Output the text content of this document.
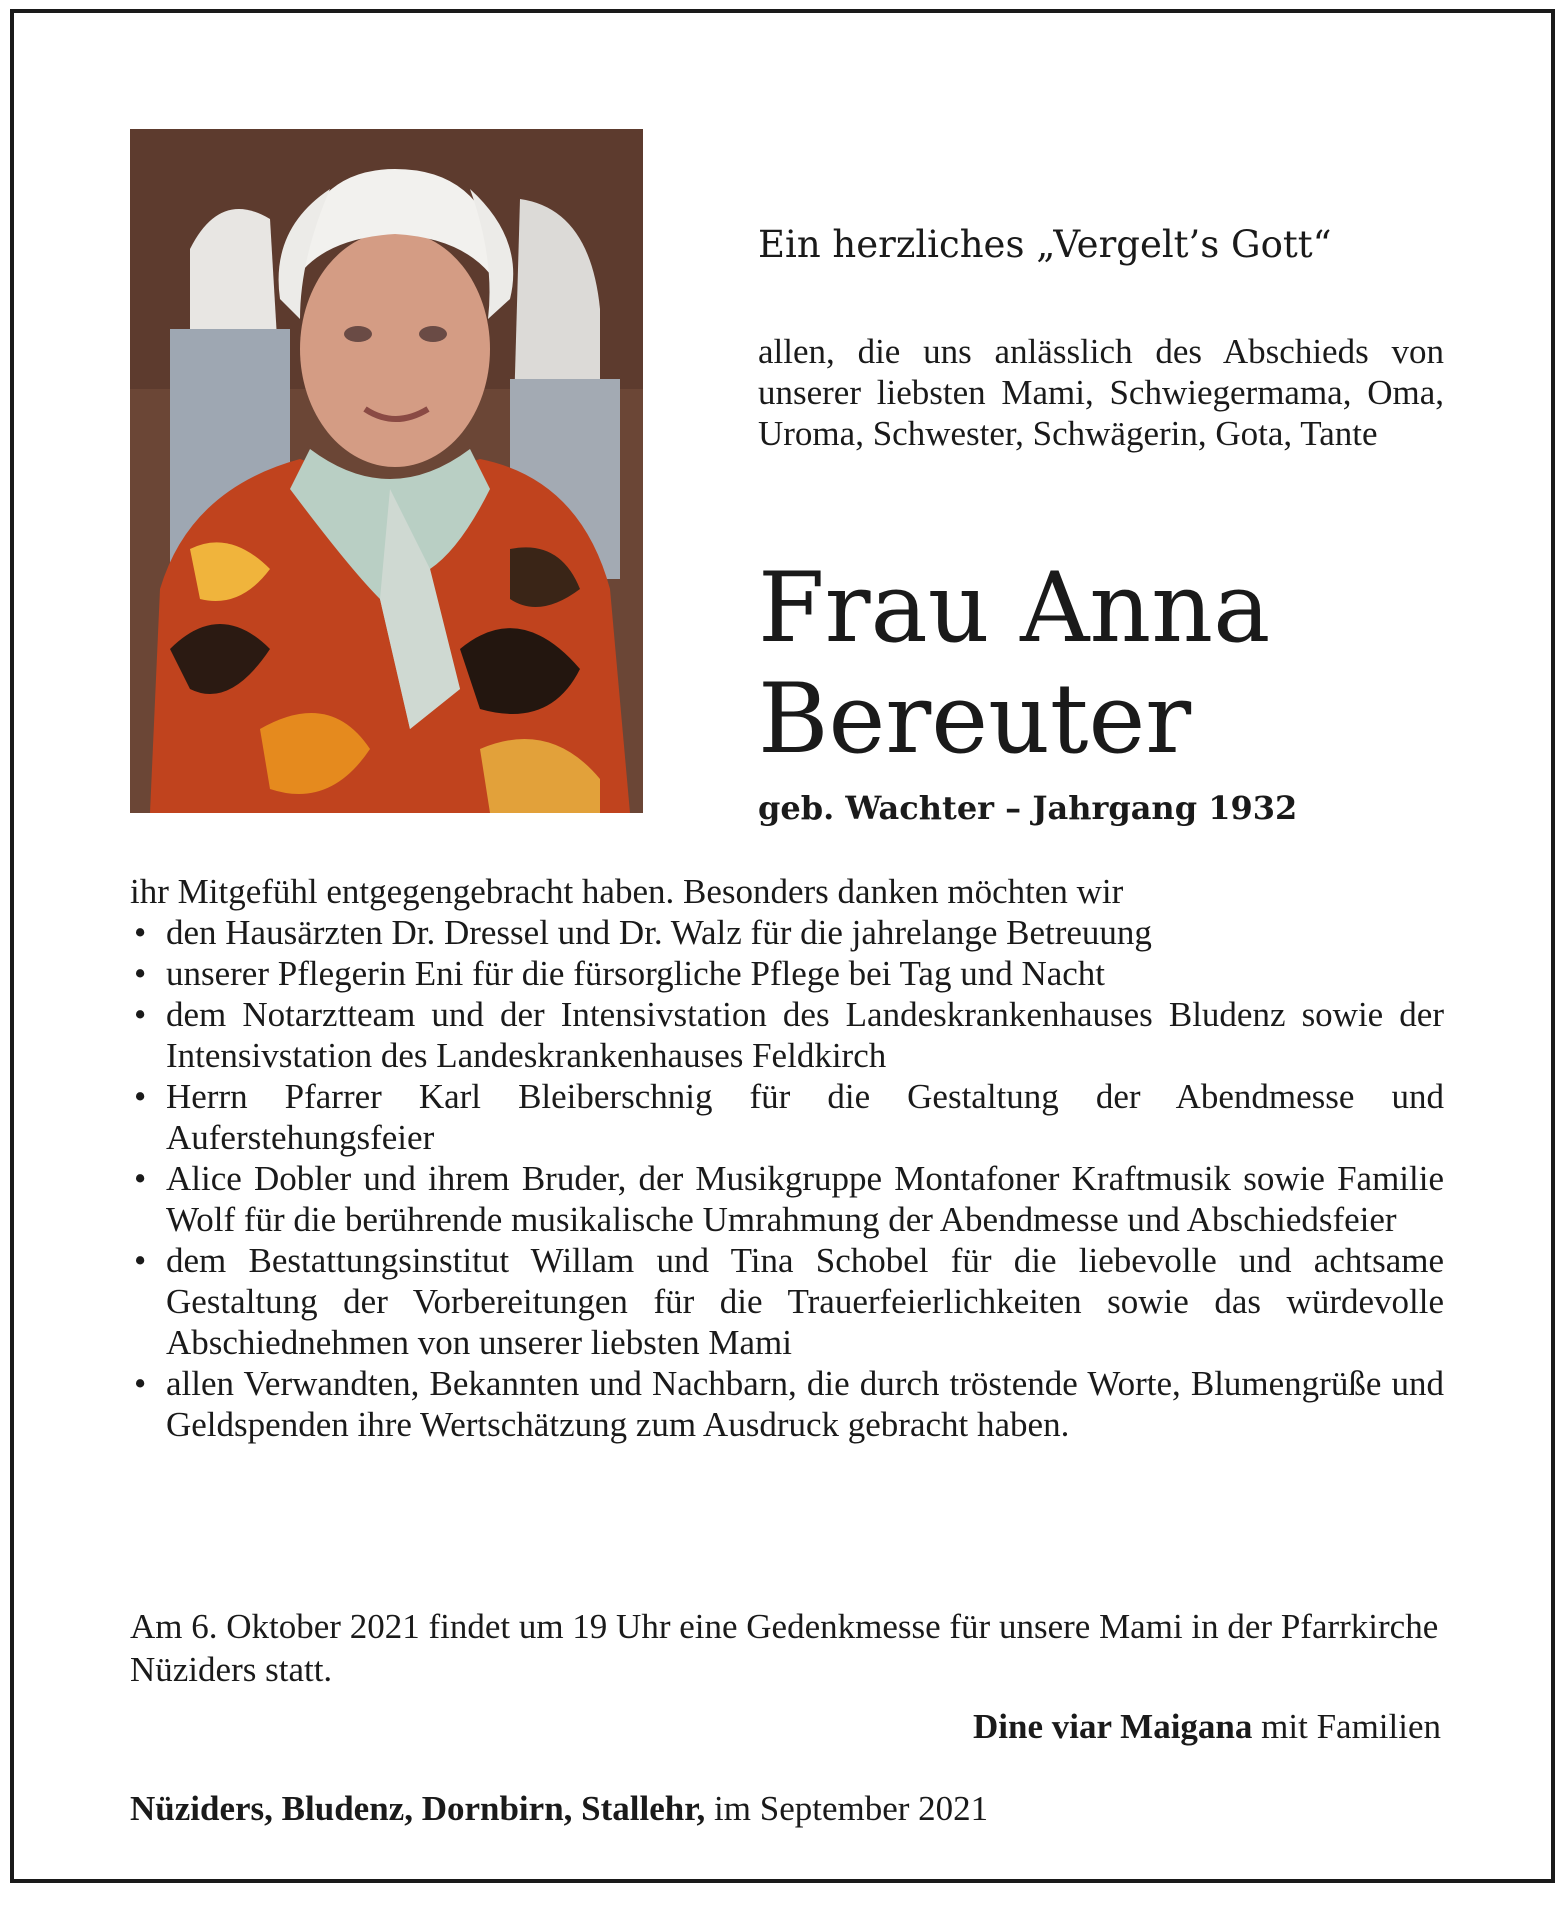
Ein herzliches „Vergelt’s Gott“

allen, die uns anlässlich des Abschieds von unserer liebsten Mami, Schwiegermama, Oma, Uroma, Schwester, Schwägerin, Gota, Tante

Frau Anna
Bereuter

geb. Wachter – Jahrgang 1932

ihr Mitgefühl entgegengebracht haben. Besonders danken möchten wir

• den Hausärzten Dr. Dressel und Dr. Walz für die jahrelange Betreuung
• unserer Pflegerin Eni für die fürsorgliche Pflege bei Tag und Nacht
• dem Notarztteam und der Intensivstation des Landeskrankenhauses Bludenz sowie der Intensivstation des Landeskrankenhauses Feldkirch
• Herrn Pfarrer Karl Bleiberschnig für die Gestaltung der Abendmesse und Auferstehungsfeier
• Alice Dobler und ihrem Bruder, der Musikgruppe Montafoner Kraftmusik sowie Familie Wolf für die berührende musikalische Umrahmung der Abendmesse und Abschiedsfeier
• dem Bestattungsinstitut Willam und Tina Schobel für die liebevolle und achtsame Gestaltung der Vorbereitungen für die Trauerfeierlichkeiten sowie das würdevolle Abschiednehmen von unserer liebsten Mami
• allen Verwandten, Bekannten und Nachbarn, die durch tröstende Worte, Blumengrüße und Geldspenden ihre Wertschätzung zum Ausdruck gebracht haben.

Am 6. Oktober 2021 findet um 19 Uhr eine Gedenkmesse für unsere Mami in der Pfarrkirche Nüziders statt.

Dine viar Maigana mit Familien

Nüziders, Bludenz, Dornbirn, Stallehr, im September 2021
